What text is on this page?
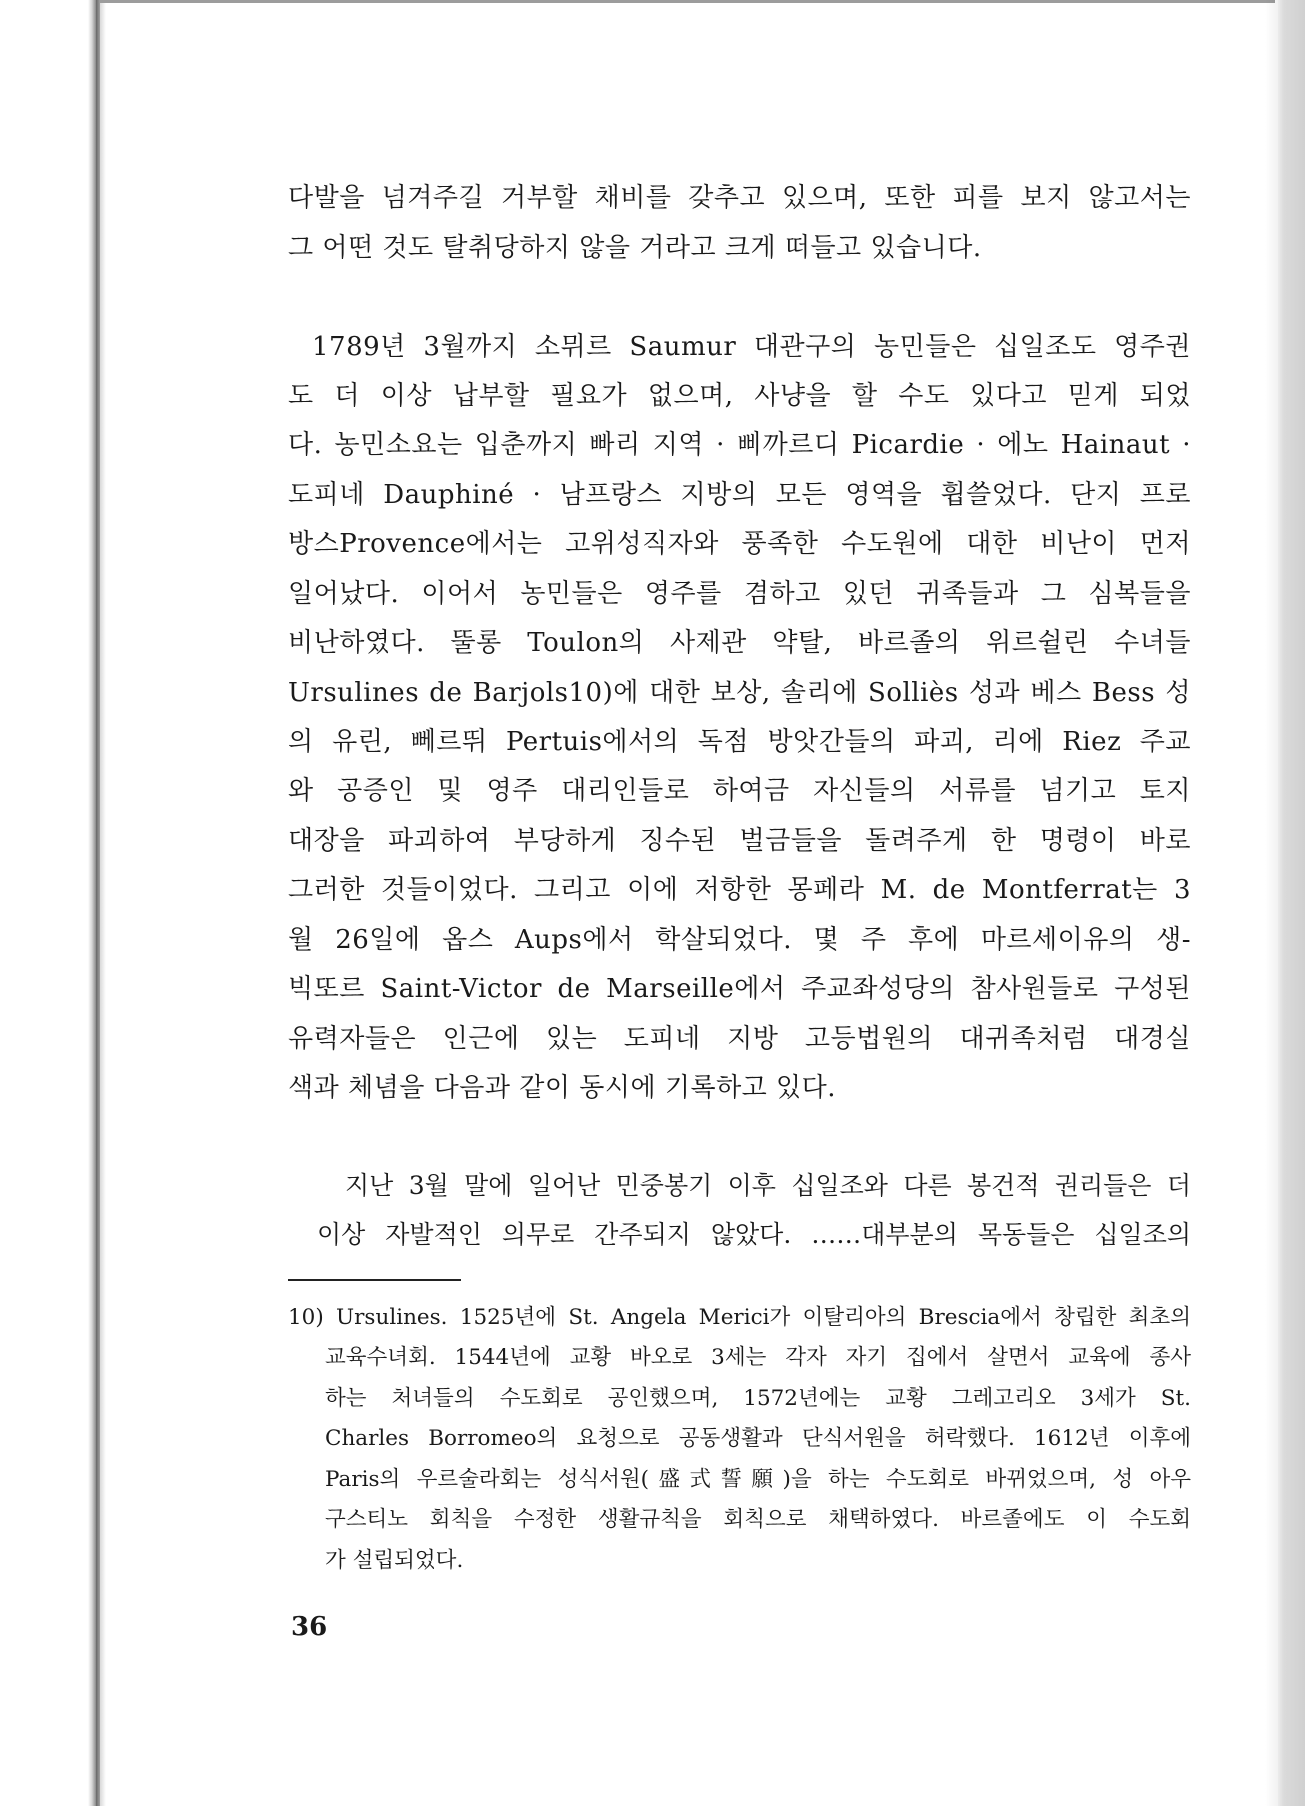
다발을 넘겨주길 거부할 채비를 갖추고 있으며, 또한 피를 보지 않고서는
그 어떤 것도 탈취당하지 않을 거라고 크게 떠들고 있습니다.
1789년 3월까지 소뮈르 Saumur 대관구의 농민들은 십일조도 영주권
도 더 이상 납부할 필요가 없으며, 사냥을 할 수도 있다고 믿게 되었
다. 농민소요는 입춘까지 빠리 지역 · 삐까르디 Picardie · 에노 Hainaut ·
도피네 Dauphiné · 남프랑스 지방의 모든 영역을 휩쓸었다. 단지 프로
방스Provence에서는 고위성직자와 풍족한 수도원에 대한 비난이 먼저
일어났다. 이어서 농민들은 영주를 겸하고 있던 귀족들과 그 심복들을
비난하였다. 뚤롱 Toulon의 사제관 약탈, 바르졸의 위르쉴린 수녀들
Ursulines de Barjols10)에 대한 보상, 솔리에 Solliès 성과 베스 Bess 성
의 유린, 뻬르뛰 Pertuis에서의 독점 방앗간들의 파괴, 리에 Riez 주교
와 공증인 및 영주 대리인들로 하여금 자신들의 서류를 넘기고 토지
대장을 파괴하여 부당하게 징수된 벌금들을 돌려주게 한 명령이 바로
그러한 것들이었다. 그리고 이에 저항한 몽페라 M. de Montferrat는 3
월 26일에 옵스 Aups에서 학살되었다. 몇 주 후에 마르세이유의 생-
빅또르 Saint-Victor de Marseille에서 주교좌성당의 참사원들로 구성된
유력자들은 인근에 있는 도피네 지방 고등법원의 대귀족처럼 대경실
색과 체념을 다음과 같이 동시에 기록하고 있다.
지난 3월 말에 일어난 민중봉기 이후 십일조와 다른 봉건적 권리들은 더
이상 자발적인 의무로 간주되지 않았다. ……대부분의 목동들은 십일조의
10) Ursulines. 1525년에 St. Angela Merici가 이탈리아의 Brescia에서 창립한 최초의
교육수녀회. 1544년에 교황 바오로 3세는 각자 자기 집에서 살면서 교육에 종사
하는 처녀들의 수도회로 공인했으며, 1572년에는 교황 그레고리오 3세가 St.
Charles Borromeo의 요청으로 공동생활과 단식서원을 허락했다. 1612년 이후에
Paris의 우르술라회는 성식서원(盛式誓願)을 하는 수도회로 바뀌었으며, 성 아우
구스티노 회칙을 수정한 생활규칙을 회칙으로 채택하였다. 바르졸에도 이 수도회
가 설립되었다.
36
